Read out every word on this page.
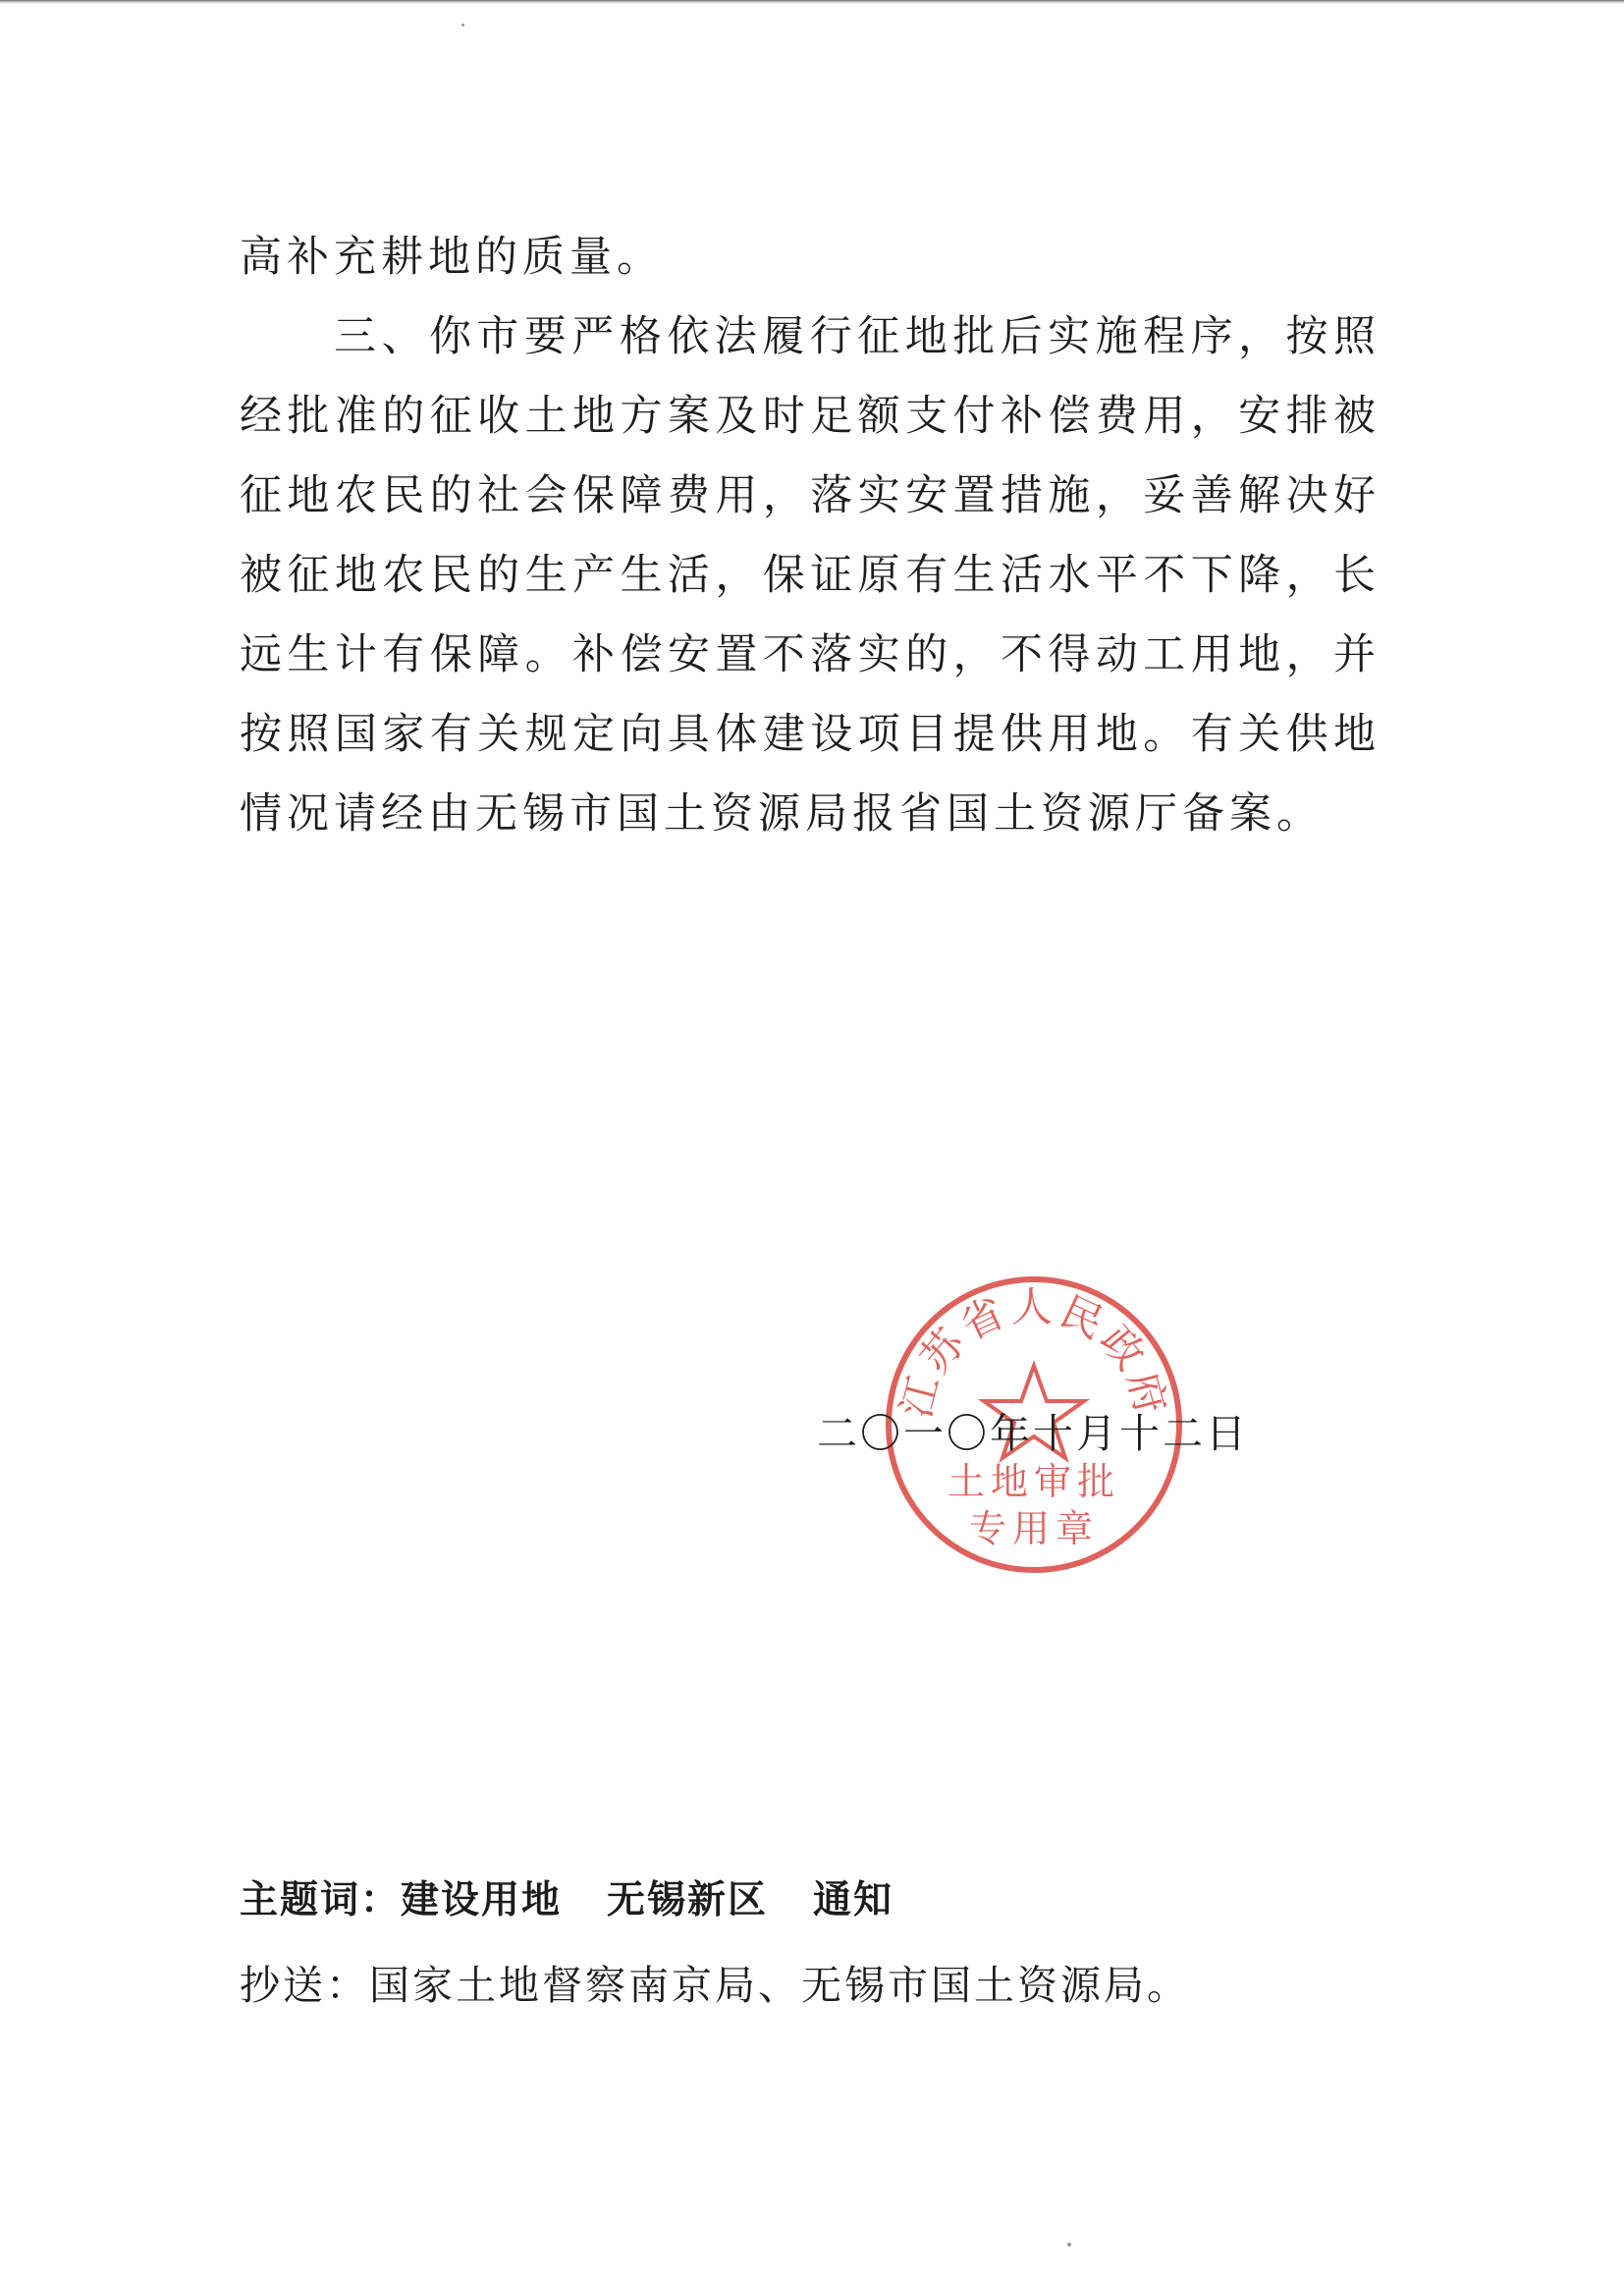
高补充耕地的质量。

三、你市要严格依法履行征地批后实施程序，按照经批准的征收土地方案及时足额支付补偿费用，安排被征地农民的社会保障费用，落实安置措施，妥善解决好被征地农民的生产生活，保证原有生活水平不下降，长远生计有保障。补偿安置不落实的，不得动工用地，并按照国家有关规定向具体建设项目提供用地。有关供地情况请经由无锡市国土资源局报省国土资源厅备案。

江苏省人民政府
土地审批
专用章
二〇一〇年十月十二日
主题词：建设用地 无锡新区 通知
抄送：国家土地督察南京局、无锡市国土资源局。
